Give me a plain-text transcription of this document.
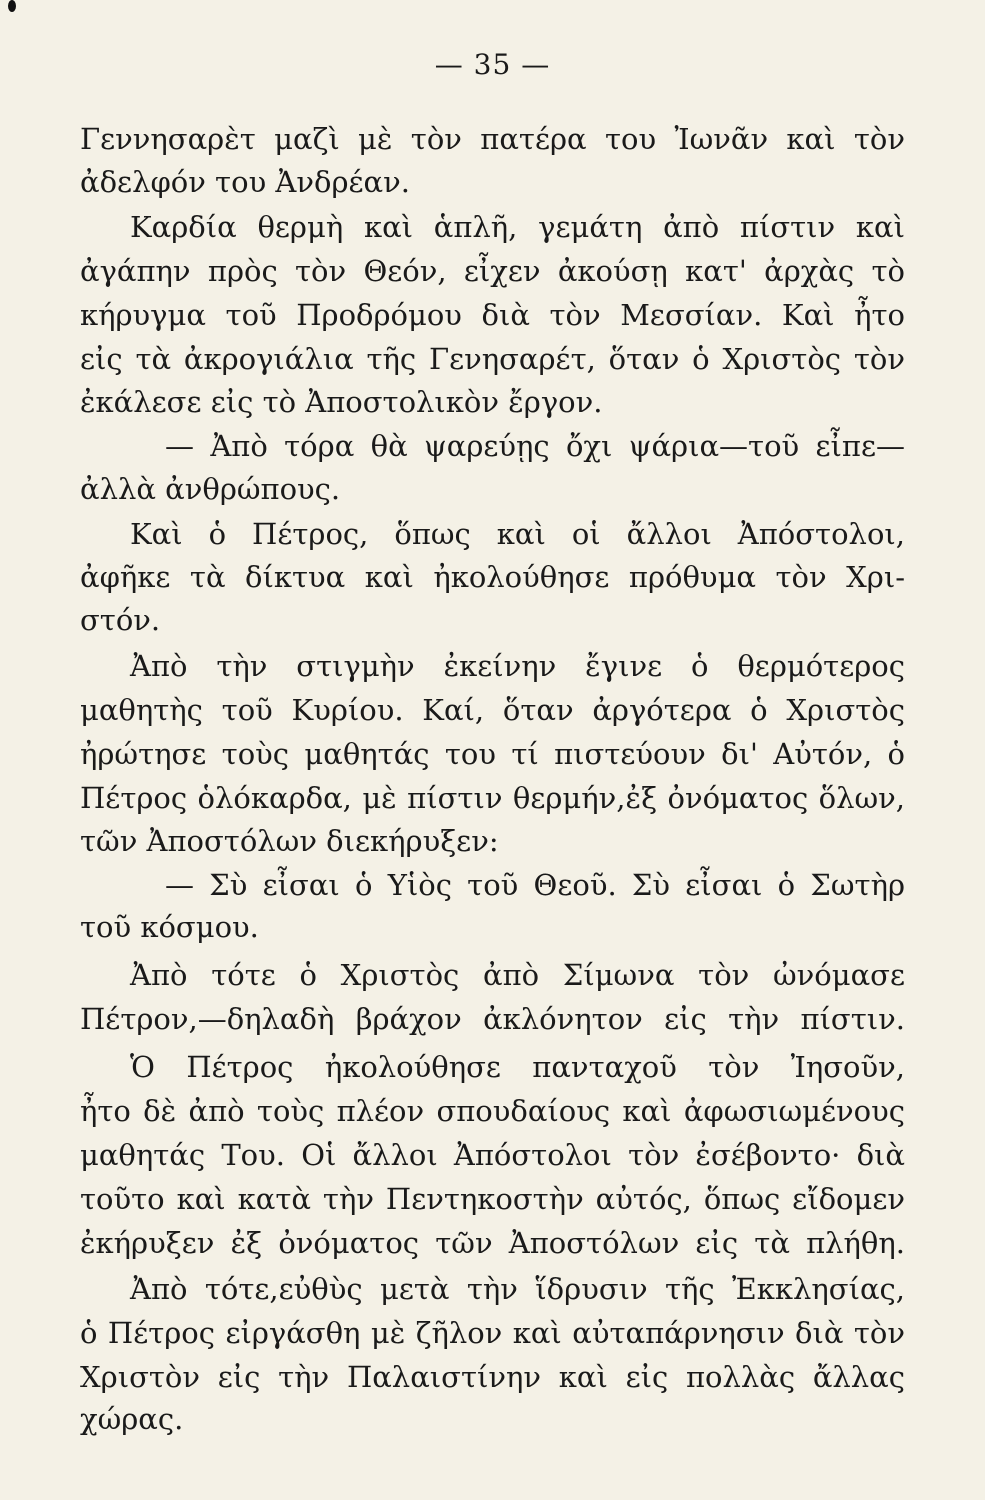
— 35 —
Γεννησαρὲτ μαζὶ μὲ τὸν πατέρα του Ἰωνᾶν καὶ τὸν
ἀδελφόν του Ἀνδρέαν.
Καρδία θερμὴ καὶ ἁπλῆ, γεμάτη ἀπὸ πίστιν καὶ
ἀγάπην πρὸς τὸν Θεόν, εἶχεν ἀκούσῃ κατ' ἀρχὰς τὸ
κήρυγμα τοῦ Προδρόμου διὰ τὸν Μεσσίαν. Καὶ ἦτο
εἰς τὰ ἀκρογιάλια τῆς Γενησαρέτ, ὅταν ὁ Χριστὸς τὸν
ἐκάλεσε εἰς τὸ Ἀποστολικὸν ἔργον.
— Ἀπὸ τόρα θὰ ψαρεύῃς ὄχι ψάρια—τοῦ εἶπε—
ἀλλὰ ἀνθρώπους.
Καὶ ὁ Πέτρος, ὅπως καὶ οἱ ἄλλοι Ἀπόστολοι,
ἀφῆκε τὰ δίκτυα καὶ ἠκολούθησε πρόθυμα τὸν Χρι-
στόν.
Ἀπὸ τὴν στιγμὴν ἐκείνην ἔγινε ὁ θερμότερος
μαθητὴς τοῦ Κυρίου. Καί, ὅταν ἀργότερα ὁ Χριστὸς
ἠρώτησε τοὺς μαθητάς του τί πιστεύουν δι' Αὐτόν, ὁ
Πέτρος ὁλόκαρδα, μὲ πίστιν θερμήν,ἐξ ὀνόματος ὅλων,
τῶν Ἀποστόλων διεκήρυξεν:
— Σὺ εἶσαι ὁ Υἱὸς τοῦ Θεοῦ. Σὺ εἶσαι ὁ Σωτὴρ
τοῦ κόσμου.
Ἀπὸ τότε ὁ Χριστὸς ἀπὸ Σίμωνα τὸν ὠνόμασε
Πέτρον,—δηλαδὴ βράχον ἀκλόνητον εἰς τὴν πίστιν.
Ὁ Πέτρος ἠκολούθησε πανταχοῦ τὸν Ἰησοῦν,
ἦτο δὲ ἀπὸ τοὺς πλέον σπουδαίους καὶ ἀφωσιωμένους
μαθητάς Του. Οἱ ἄλλοι Ἀπόστολοι τὸν ἐσέβοντο· διὰ
τοῦτο καὶ κατὰ τὴν Πεντηκοστὴν αὐτός, ὅπως εἴδομεν
ἐκήρυξεν ἐξ ὀνόματος τῶν Ἀποστόλων εἰς τὰ πλήθη.
Ἀπὸ τότε,εὐθὺς μετὰ τὴν ἵδρυσιν τῆς Ἐκκλησίας,
ὁ Πέτρος εἰργάσθη μὲ ζῆλον καὶ αὐταπάρνησιν διὰ τὸν
Χριστὸν εἰς τὴν Παλαιστίνην καὶ εἰς πολλὰς ἄλλας
χώρας.
